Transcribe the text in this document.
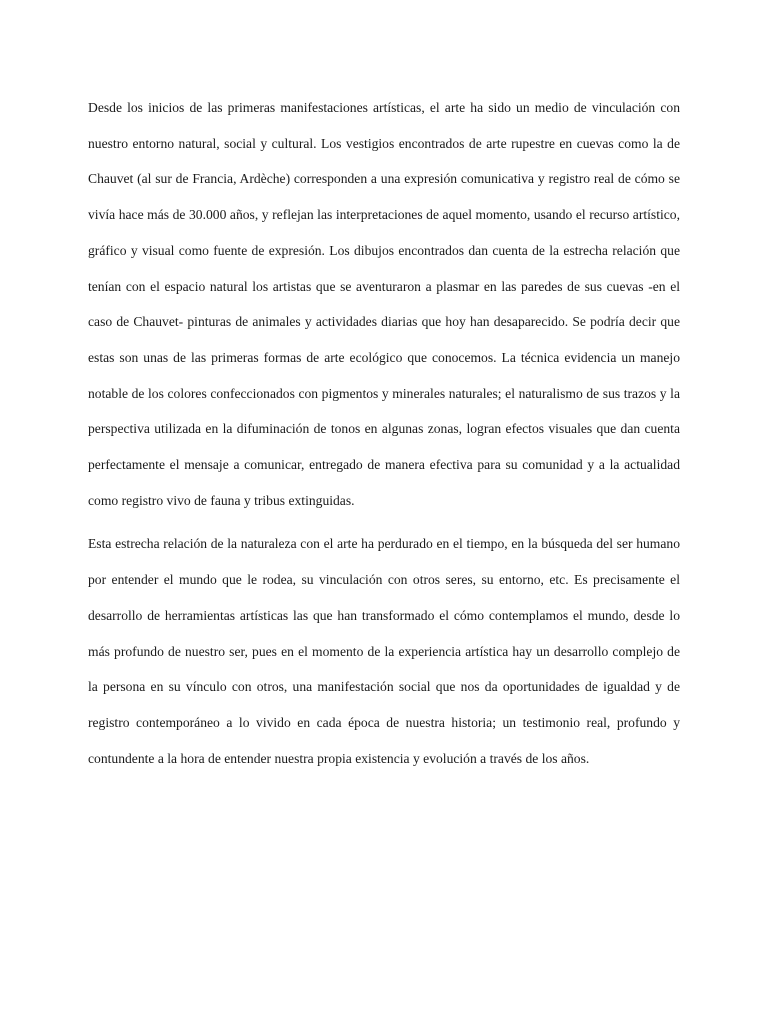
Desde los inicios de las primeras manifestaciones artísticas, el arte ha sido un medio de vinculación con nuestro entorno natural, social y cultural. Los vestigios encontrados de arte rupestre en cuevas como la de Chauvet (al sur de Francia, Ardèche) corresponden a una expresión comunicativa y registro real de cómo se vivía hace más de 30.000 años, y reflejan las interpretaciones de aquel momento, usando el recurso artístico, gráfico y visual como fuente de expresión. Los dibujos encontrados dan cuenta de la estrecha relación que tenían con el espacio natural los artistas que se aventuraron a plasmar en las paredes de sus cuevas -en el caso de Chauvet- pinturas de animales y actividades diarias que hoy han desaparecido. Se podría decir que estas son unas de las primeras formas de arte ecológico que conocemos. La técnica evidencia un manejo notable de los colores confeccionados con pigmentos y minerales naturales; el naturalismo de sus trazos y la perspectiva utilizada en la difuminación de tonos en algunas zonas, logran efectos visuales que dan cuenta perfectamente el mensaje a comunicar, entregado de manera efectiva para su comunidad y a la actualidad como registro vivo de fauna y tribus extinguidas.

Esta estrecha relación de la naturaleza con el arte ha perdurado en el tiempo, en la búsqueda del ser humano por entender el mundo que le rodea, su vinculación con otros seres, su entorno, etc. Es precisamente el desarrollo de herramientas artísticas las que han transformado el cómo contemplamos el mundo, desde lo más profundo de nuestro ser, pues en el momento de la experiencia artística hay un desarrollo complejo de la persona en su vínculo con otros, una manifestación social que nos da oportunidades de igualdad y de registro contemporáneo a lo vivido en cada época de nuestra historia; un testimonio real, profundo y contundente a la hora de entender nuestra propia existencia y evolución a través de los años.
